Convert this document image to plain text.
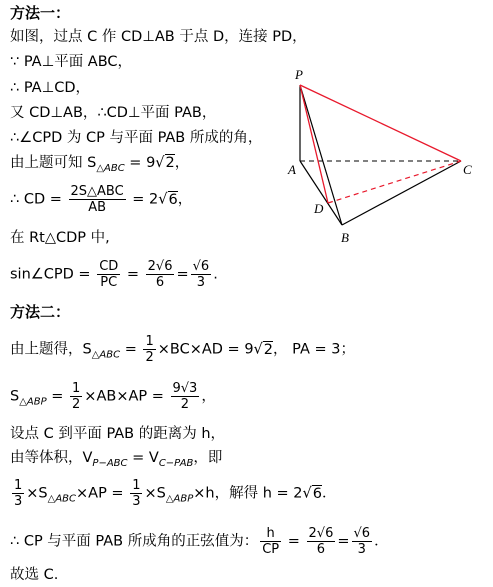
方法一：
如图，过点 C 作 CD⊥AB 于点 D，连接 PD，
∵ PA⊥平面 ABC，
∴ PA⊥CD，
又 CD⊥AB，∴CD⊥平面 PAB，
∴∠CPD 为 CP 与平面 PAB 所成的角，
由上题可知 $S_{\triangle ABC} = 9√2$，
∴ CD = 2S△ABC
AB	= 2√6，
在 Rt△CDP 中,
sin∠CPD = $\frac{CD}{PC} = \frac{2√6}{6} = \frac{√6}{3}$ .
方法二：
由上题得，$S_{\triangle ABC} = \frac{1}{2} \times BC\times AD = 9√2$， PA = 3；
$S_{\triangle ABP} = \frac{1}{2} \times AB\times AP = \frac{9√3}{2}$ ，
设点 C 到平面 PAB 的距离为 h，
由等体积，$V_{P-ABC} = V_{C-PAB}$，即
$\frac{1}{3} \times S_{\triangle ABC}\times AP = \frac{1}{3} \times S_{\triangle ABP}\times h$，解得 h = 2√6．
∴ CP 与平面 PAB 所成角的正弦值为： $\frac{h}{CP} = \frac{2√6}{6} = \frac{√6}{3}$ ．
故选 C.
P
A	C
D
B
